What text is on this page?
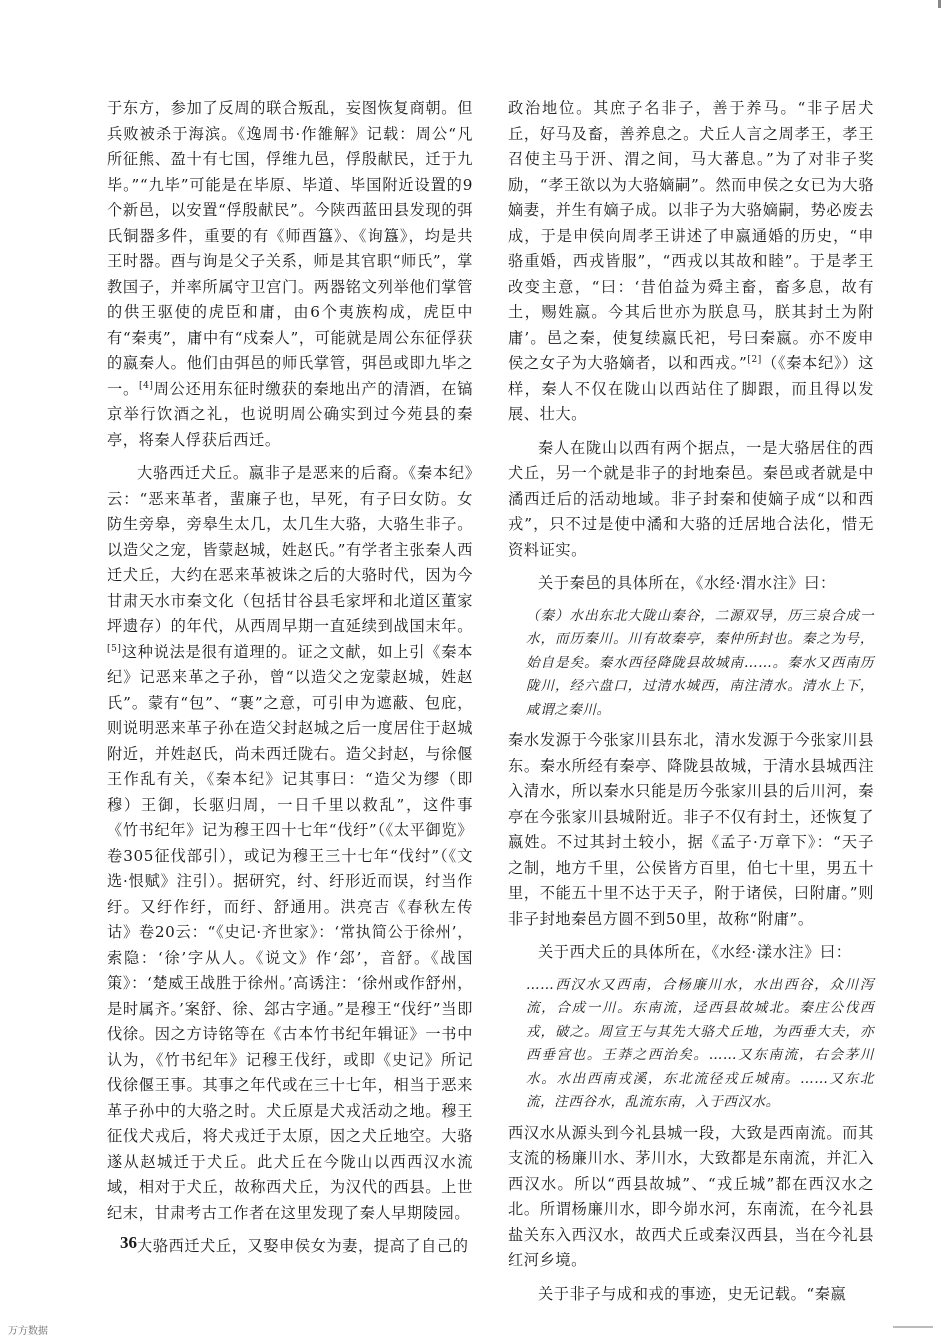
于东方，参加了反周的联合叛乱，妄图恢复商朝。但兵败被杀于海滨。《逸周书·作雒解》记载：周公“凡所征熊、盈十有七国，俘维九邑，俘殷献民，迁于九毕。”“九毕”可能是在毕原、毕道、毕国附近设置的9个新邑，以安置“俘殷献民”。今陕西蓝田县发现的弭氏铜器多件，重要的有《师酉簋》、《询簋》，均是共王时器。酉与询是父子关系，师是其官职“师氏”，掌教国子，并率所属守卫宫门。两器铭文列举他们掌管的供王驱使的虎臣和庸，由6个夷族构成，虎臣中有“秦夷”，庸中有“戍秦人”，可能就是周公东征俘获的嬴秦人。他们由弭邑的师氏掌管，弭邑或即九毕之一。[4]周公还用东征时缴获的秦地出产的清酒，在镐京举行饮酒之礼，也说明周公确实到过今苑县的秦亭，将秦人俘获后西迁。

大骆西迁犬丘。嬴非子是恶来的后裔。《秦本纪》云：“恶来革者，蜚廉子也，早死，有子曰女防。女防生旁皋，旁皋生太几，太几生大骆，大骆生非子。以造父之宠，皆蒙赵城，姓赵氏。”有学者主张秦人西迁犬丘，大约在恶来革被诛之后的大骆时代，因为今甘肃天水市秦文化（包括甘谷县毛家坪和北道区董家坪遗存）的年代，从西周早期一直延续到战国末年。[5]这种说法是很有道理的。证之文献，如上引《秦本纪》记恶来革之子孙，曾“以造父之宠蒙赵城，姓赵氏”。蒙有“包”、“裹”之意，可引申为遮蔽、包庇，则说明恶来革子孙在造父封赵城之后一度居住于赵城附近，并姓赵氏，尚未西迁陇右。造父封赵，与徐偃王作乱有关，《秦本纪》记其事曰：“造父为缪（即穆）王御，长驱归周，一日千里以救乱”，这件事《竹书纪年》记为穆王四十七年“伐纡”（《太平御览》卷305征伐部引），或记为穆王三十七年“伐纣”（《文选·恨赋》注引）。据研究，纣、纡形近而误，纣当作纡。又纡作纡，而纡、舒通用。洪亮吉《春秋左传诂》卷20云：“《史记·齐世家》：‘常执简公于徐州’，索隐：‘徐’字从人。《说文》作‘郐’，音舒。《战国策》：‘楚威王战胜于徐州。’高诱注：‘徐州或作舒州，是时属齐。’案舒、徐、郐古字通。”是穆王“伐纡”当即伐徐。因之方诗铭等在《古本竹书纪年辑证》一书中认为，《竹书纪年》记穆王伐纡，或即《史记》所记伐徐偃王事。其事之年代或在三十七年，相当于恶来革子孙中的大骆之时。犬丘原是犬戎活动之地。穆王征伐犬戎后，将犬戎迁于太原，因之犬丘地空。大骆遂从赵城迁于犬丘。此犬丘在今陇山以西西汉水流域，相对于犬丘，故称西犬丘，为汉代的西县。上世纪末，甘肃考古工作者在这里发现了秦人早期陵园。

大骆西迁犬丘，又娶申侯女为妻，提高了自己的

政治地位。其庶子名非子，善于养马。“非子居犬丘，好马及畜，善养息之。犬丘人言之周孝王，孝王召使主马于汧、渭之间，马大蕃息。”为了对非子奖励，“孝王欲以为大骆嫡嗣”。然而申侯之女已为大骆嫡妻，并生有嫡子成。以非子为大骆嫡嗣，势必废去成，于是申侯向周孝王讲述了申嬴通婚的历史，“申骆重婚，西戎皆服”，“西戎以其故和睦”。于是孝王改变主意，“曰：‘昔伯益为舜主畜，畜多息，故有土，赐姓嬴。今其后世亦为朕息马，朕其封土为附庸’。邑之秦，使复续嬴氏祀，号曰秦嬴。亦不废申侯之女子为大骆嫡者，以和西戎。”[2]（《秦本纪》）这样，秦人不仅在陇山以西站住了脚跟，而且得以发展、壮大。

秦人在陇山以西有两个据点，一是大骆居住的西犬丘，另一个就是非子的封地秦邑。秦邑或者就是中潏西迁后的活动地域。非子封秦和使嫡子成“以和西戎”，只不过是使中潏和大骆的迁居地合法化，惜无资料证实。

关于秦邑的具体所在，《水经·渭水注》曰：

（秦）水出东北大陇山秦谷，二源双导，历三泉合成一水，而历秦川。川有故秦亭，秦仲所封也。秦之为号，始自是矣。秦水西径降陇县故城南……。秦水又西南历陇川，经六盘口，过清水城西，南注清水。清水上下，咸谓之秦川。

秦水发源于今张家川县东北，清水发源于今张家川县东。秦水所经有秦亭、降陇县故城，于清水县城西注入清水，所以秦水只能是历今张家川县的后川河，秦亭在今张家川县城附近。非子不仅有封土，还恢复了嬴姓。不过其封土较小，据《孟子·万章下》：“天子之制，地方千里，公侯皆方百里，伯七十里，男五十里，不能五十里不达于天子，附于诸侯，曰附庸。”则非子封地秦邑方圆不到50里，故称“附庸”。

关于西犬丘的具体所在，《水经·漾水注》曰：

……西汉水又西南，合杨廉川水，水出西谷，众川泻流，合成一川。东南流，迳西县故城北。秦庄公伐西戎，破之。周宣王与其先大骆犬丘地，为西垂大夫，亦西垂宫也。王莽之西治矣。……又东南流，右会茅川水。水出西南戎溪，东北流径戎丘城南。……又东北流，注西谷水，乱流东南，入于西汉水。

西汉水从源头到今礼县城一段，大致是西南流。而其支流的杨廉川水、茅川水，大致都是东南流，并汇入西汉水。所以“西县故城”、“戎丘城”都在西汉水之北。所谓杨廉川水，即今峁水河，东南流，在今礼县盐关东入西汉水，故西犬丘或秦汉西县，当在今礼县红河乡境。

关于非子与成和戎的事迹，史无记载。“秦嬴

36
万方数据
